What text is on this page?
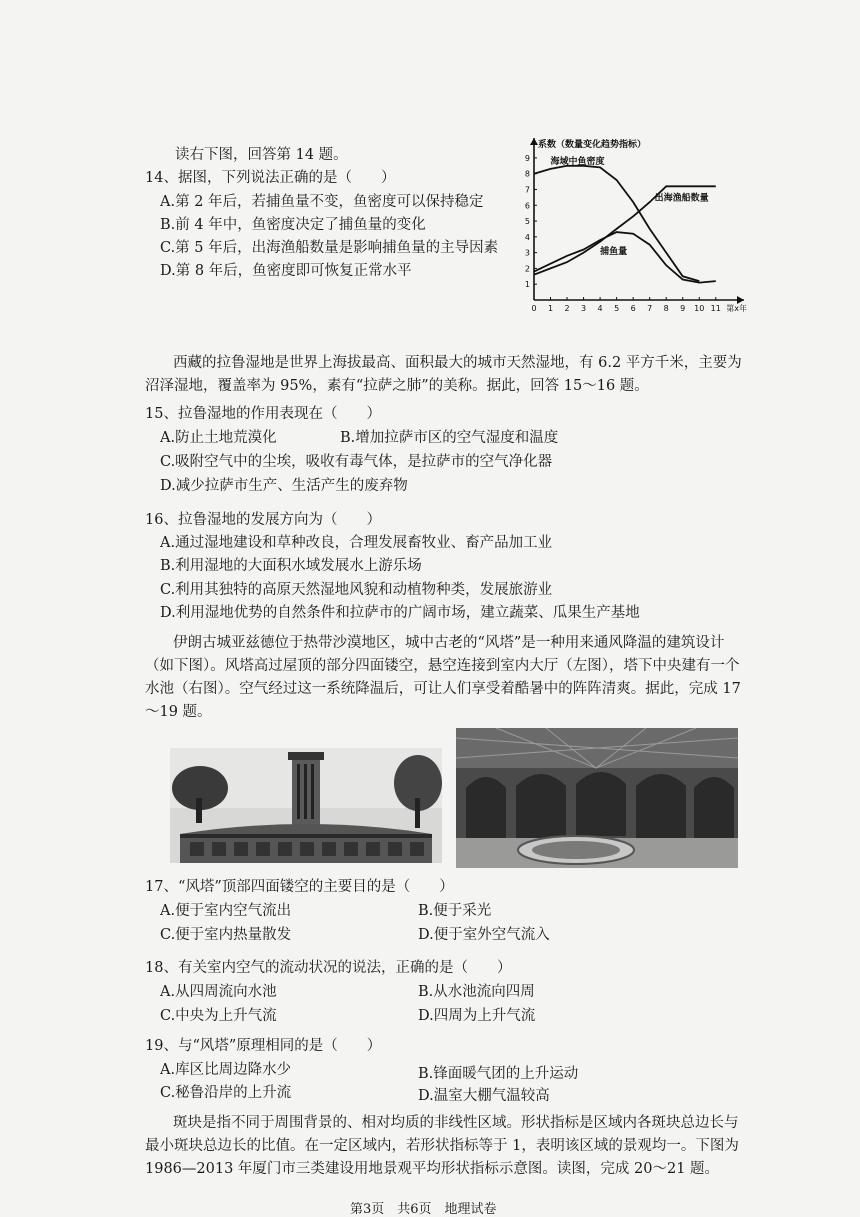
读右下图，回答第 14 题。
14、据图，下列说法正确的是（　　）
A.第 2 年后，若捕鱼量不变，鱼密度可以保持稳定
B.前 4 年中，鱼密度决定了捕鱼量的变化
C.第 5 年后，出海渔船数量是影响捕鱼量的主导因素
D.第 8 年后，鱼密度即可恢复正常水平
1
2
3
4
5
6
7
8
9
0 1 2 3 4 5 6 7 8 9 10 11
系数（数量变化趋势指标）
第x年
海域中鱼密度
出海渔船数量
捕鱼量
西藏的拉鲁湿地是世界上海拔最高、面积最大的城市天然湿地，有 6.2 平方千米，主要为沼泽湿地，覆盖率为 95%，素有“拉萨之肺”的美称。据此，回答 15～16 题。
15、拉鲁湿地的作用表现在（　　）
A.防止土地荒漠化	B.增加拉萨市区的空气湿度和温度
C.吸附空气中的尘埃，吸收有毒气体，是拉萨市的空气净化器
D.减少拉萨市生产、生活产生的废弃物
16、拉鲁湿地的发展方向为（　　）
A.通过湿地建设和草种改良，合理发展畜牧业、畜产品加工业
B.利用湿地的大面积水域发展水上游乐场
C.利用其独特的高原天然湿地风貌和动植物种类，发展旅游业
D.利用湿地优势的自然条件和拉萨市的广阔市场，建立蔬菜、瓜果生产基地
伊朗古城亚兹德位于热带沙漠地区，城中古老的“风塔”是一种用来通风降温的建筑设计（如下图）。风塔高过屋顶的部分四面镂空，悬空连接到室内大厅（左图），塔下中央建有一个水池（右图）。空气经过这一系统降温后，可让人们享受着酷暑中的阵阵清爽。据此，完成 17～19 题。
17、“风塔”顶部四面镂空的主要目的是（　　）
A.便于室内空气流出	B.便于采光
C.便于室内热量散发	D.便于室外空气流入
18、有关室内空气的流动状况的说法，正确的是（　　）
A.从四周流向水池	B.从水池流向四周
C.中央为上升气流	D.四周为上升气流
19、与“风塔”原理相同的是（　　）
A.库区比周边降水少	B.锋面暖气团的上升运动
C.秘鲁沿岸的上升流	D.温室大棚气温较高
斑块是指不同于周围背景的、相对均质的非线性区域。形状指标是区域内各斑块总边长与最小斑块总边长的比值。在一定区域内，若形状指标等于 1，表明该区域的景观均一。下图为 1986—2013 年厦门市三类建设用地景观平均形状指标示意图。读图，完成 20～21 题。
第3页　共6页　地理试卷
